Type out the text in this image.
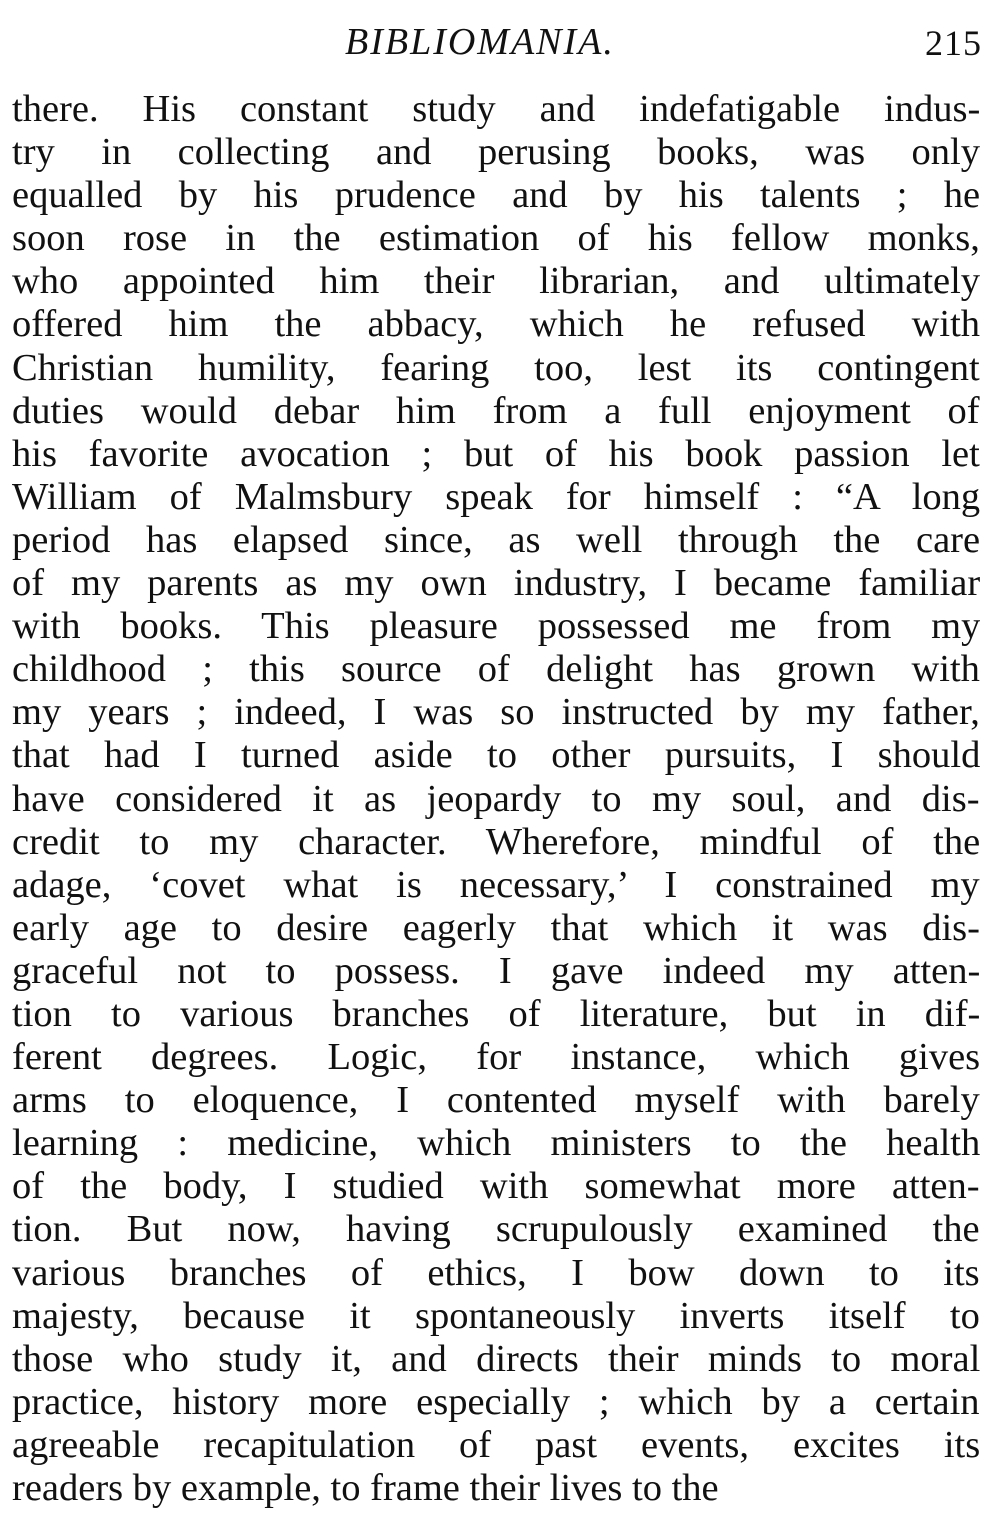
BIBLIOMANIA.	215
there. His constant study and indefatigable indus-
try in collecting and perusing books, was only
equalled by his prudence and by his talents ; he
soon rose in the estimation of his fellow monks,
who appointed him their librarian, and ultimately
offered him the abbacy, which he refused with
Christian humility, fearing too, lest its contingent
duties would debar him from a full enjoyment of
his favorite avocation ; but of his book passion let
William of Malmsbury speak for himself : “A long
period has elapsed since, as well through the care
of my parents as my own industry, I became familiar
with books. This pleasure possessed me from my
childhood ; this source of delight has grown with
my years ; indeed, I was so instructed by my father,
that had I turned aside to other pursuits, I should
have considered it as jeopardy to my soul, and dis-
credit to my character. Wherefore, mindful of the
adage, ‘covet what is necessary,’ I constrained my
early age to desire eagerly that which it was dis-
graceful not to possess. I gave indeed my atten-
tion to various branches of literature, but in dif-
ferent degrees. Logic, for instance, which gives
arms to eloquence, I contented myself with barely
learning : medicine, which ministers to the health
of the body, I studied with somewhat more atten-
tion. But now, having scrupulously examined the
various branches of ethics, I bow down to its
majesty, because it spontaneously inverts itself to
those who study it, and directs their minds to moral
practice, history more especially ; which by a certain
agreeable recapitulation of past events, excites its
readers by example, to frame their lives to the
